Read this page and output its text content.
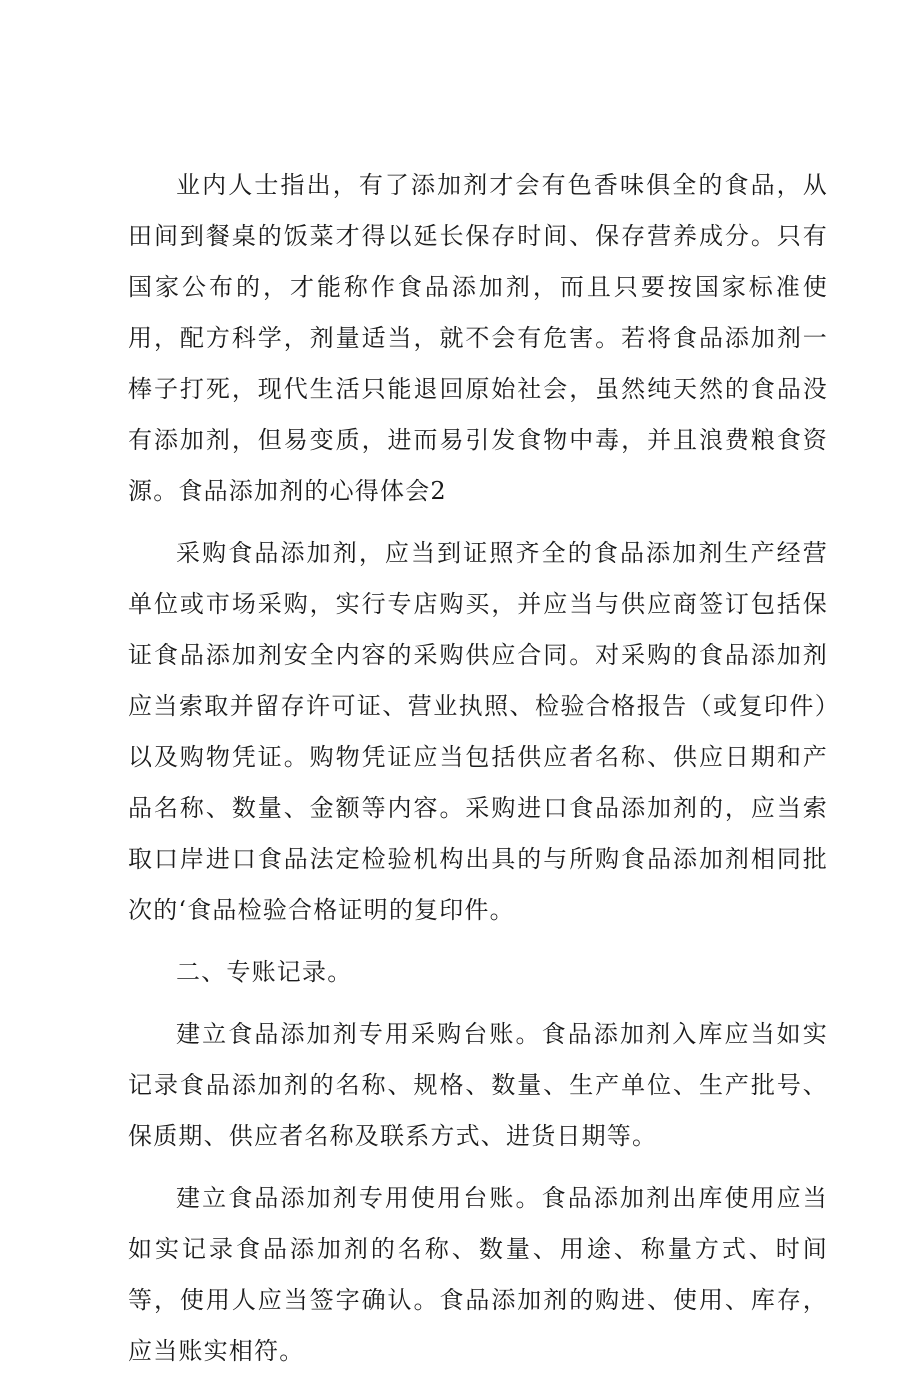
业内人士指出，有了添加剂才会有色香味俱全的食品，从田间到餐桌的饭菜才得以延长保存时间、保存营养成分。只有国家公布的，才能称作食品添加剂，而且只要按国家标准使用，配方科学，剂量适当，就不会有危害。若将食品添加剂一棒子打死，现代生活只能退回原始社会，虽然纯天然的食品没有添加剂，但易变质，进而易引发食物中毒，并且浪费粮食资源。食品添加剂的心得体会2

采购食品添加剂，应当到证照齐全的食品添加剂生产经营单位或市场采购，实行专店购买，并应当与供应商签订包括保证食品添加剂安全内容的采购供应合同。对采购的食品添加剂应当索取并留存许可证、营业执照、检验合格报告（或复印件）以及购物凭证。购物凭证应当包括供应者名称、供应日期和产品名称、数量、金额等内容。采购进口食品添加剂的，应当索取口岸进口食品法定检验机构出具的与所购食品添加剂相同批次的‘食品检验合格证明的复印件。

二、专账记录。

建立食品添加剂专用采购台账。食品添加剂入库应当如实记录食品添加剂的名称、规格、数量、生产单位、生产批号、保质期、供应者名称及联系方式、进货日期等。

建立食品添加剂专用使用台账。食品添加剂出库使用应当如实记录食品添加剂的名称、数量、用途、称量方式、时间等，使用人应当签字确认。食品添加剂的购进、使用、库存，应当账实相符。
